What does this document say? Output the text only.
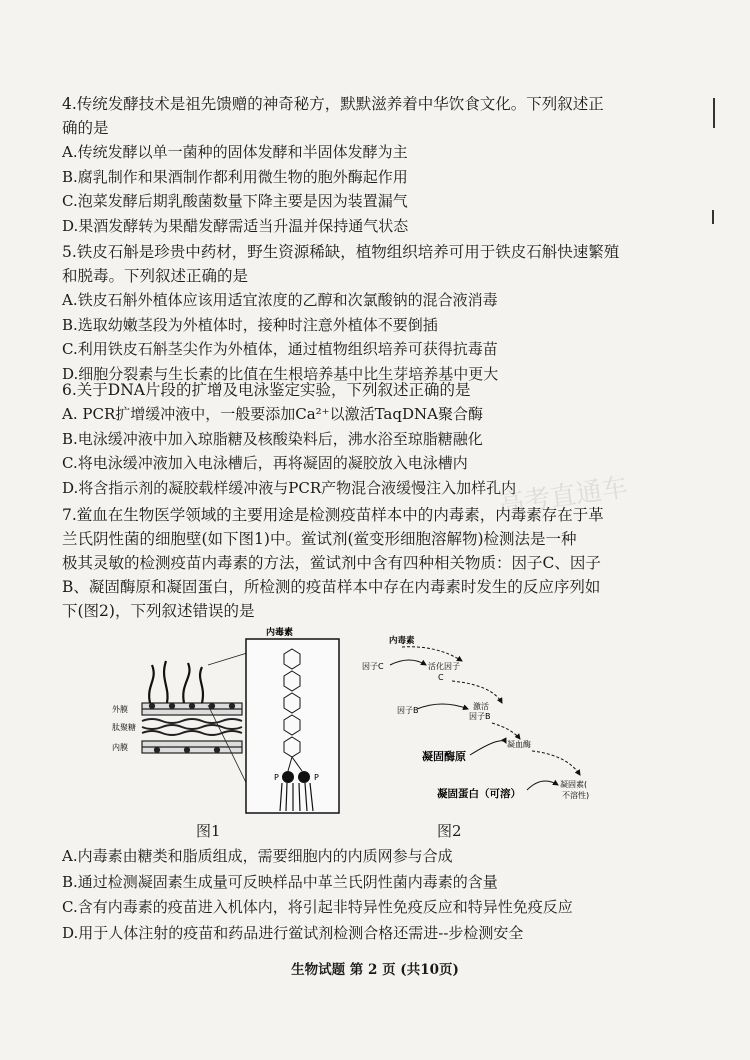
高考直通车

4.传统发酵技术是祖先馈赠的神奇秘方，默默滋养着中华饮食文化。下列叙述正

确的是

A.传统发酵以单一菌种的固体发酵和半固体发酵为主

B.腐乳制作和果酒制作都利用微生物的胞外酶起作用

C.泡菜发酵后期乳酸菌数量下降主要是因为装置漏气

D.果酒发酵转为果醋发酵需适当升温并保持通气状态

5.铁皮石斛是珍贵中药材，野生资源稀缺，植物组织培养可用于铁皮石斛快速繁殖

和脱毒。下列叙述正确的是

A.铁皮石斛外植体应该用适宜浓度的乙醇和次氯酸钠的混合液消毒

B.选取幼嫩茎段为外植体时，接种时注意外植体不要倒插

C.利用铁皮石斛茎尖作为外植体，通过植物组织培养可获得抗毒苗

D.细胞分裂素与生长素的比值在生根培养基中比生芽培养基中更大

6.关于DNA片段的扩增及电泳鉴定实验，下列叙述正确的是

A. PCR扩增缓冲液中，一般要添加Ca²⁺以激活TaqDNA聚合酶

B.电泳缓冲液中加入琼脂糖及核酸染料后，沸水浴至琼脂糖融化

C.将电泳缓冲液加入电泳槽后，再将凝固的凝胶放入电泳槽内

D.将含指示剂的凝胶载样缓冲液与PCR产物混合液缓慢注入加样孔内

7.鲎血在生物医学领域的主要用途是检测疫苗样本中的内毒素，内毒素存在于革

兰氏阴性菌的细胞壁(如下图1)中。鲎试剂(鲎变形细胞溶解物)检测法是一种

极其灵敏的检测疫苗内毒素的方法，鲎试剂中含有四种相关物质：因子C、因子

B、凝固酶原和凝固蛋白，所检测的疫苗样本中存在内毒素时发生的反应序列如

下(图2)，下列叙述错误的是

外膜
肽聚糖
内膜
内毒素
P	P
内毒素
因子C	活化因子
C
因子B	激活
因子B
凝血酶
凝固酶原
凝固蛋白（可溶）
凝固素(
不溶性)
图1	图2

A.内毒素由糖类和脂质组成，需要细胞内的内质网参与合成

B.通过检测凝固素生成量可反映样品中革兰氏阴性菌内毒素的含量

C.含有内毒素的疫苗进入机体内，将引起非特异性免疫反应和特异性免疫反应

D.用于人体注射的疫苗和药品进行鲎试剂检测合格还需进--步检测安全

生物试题 第 2 页 (共10页)
